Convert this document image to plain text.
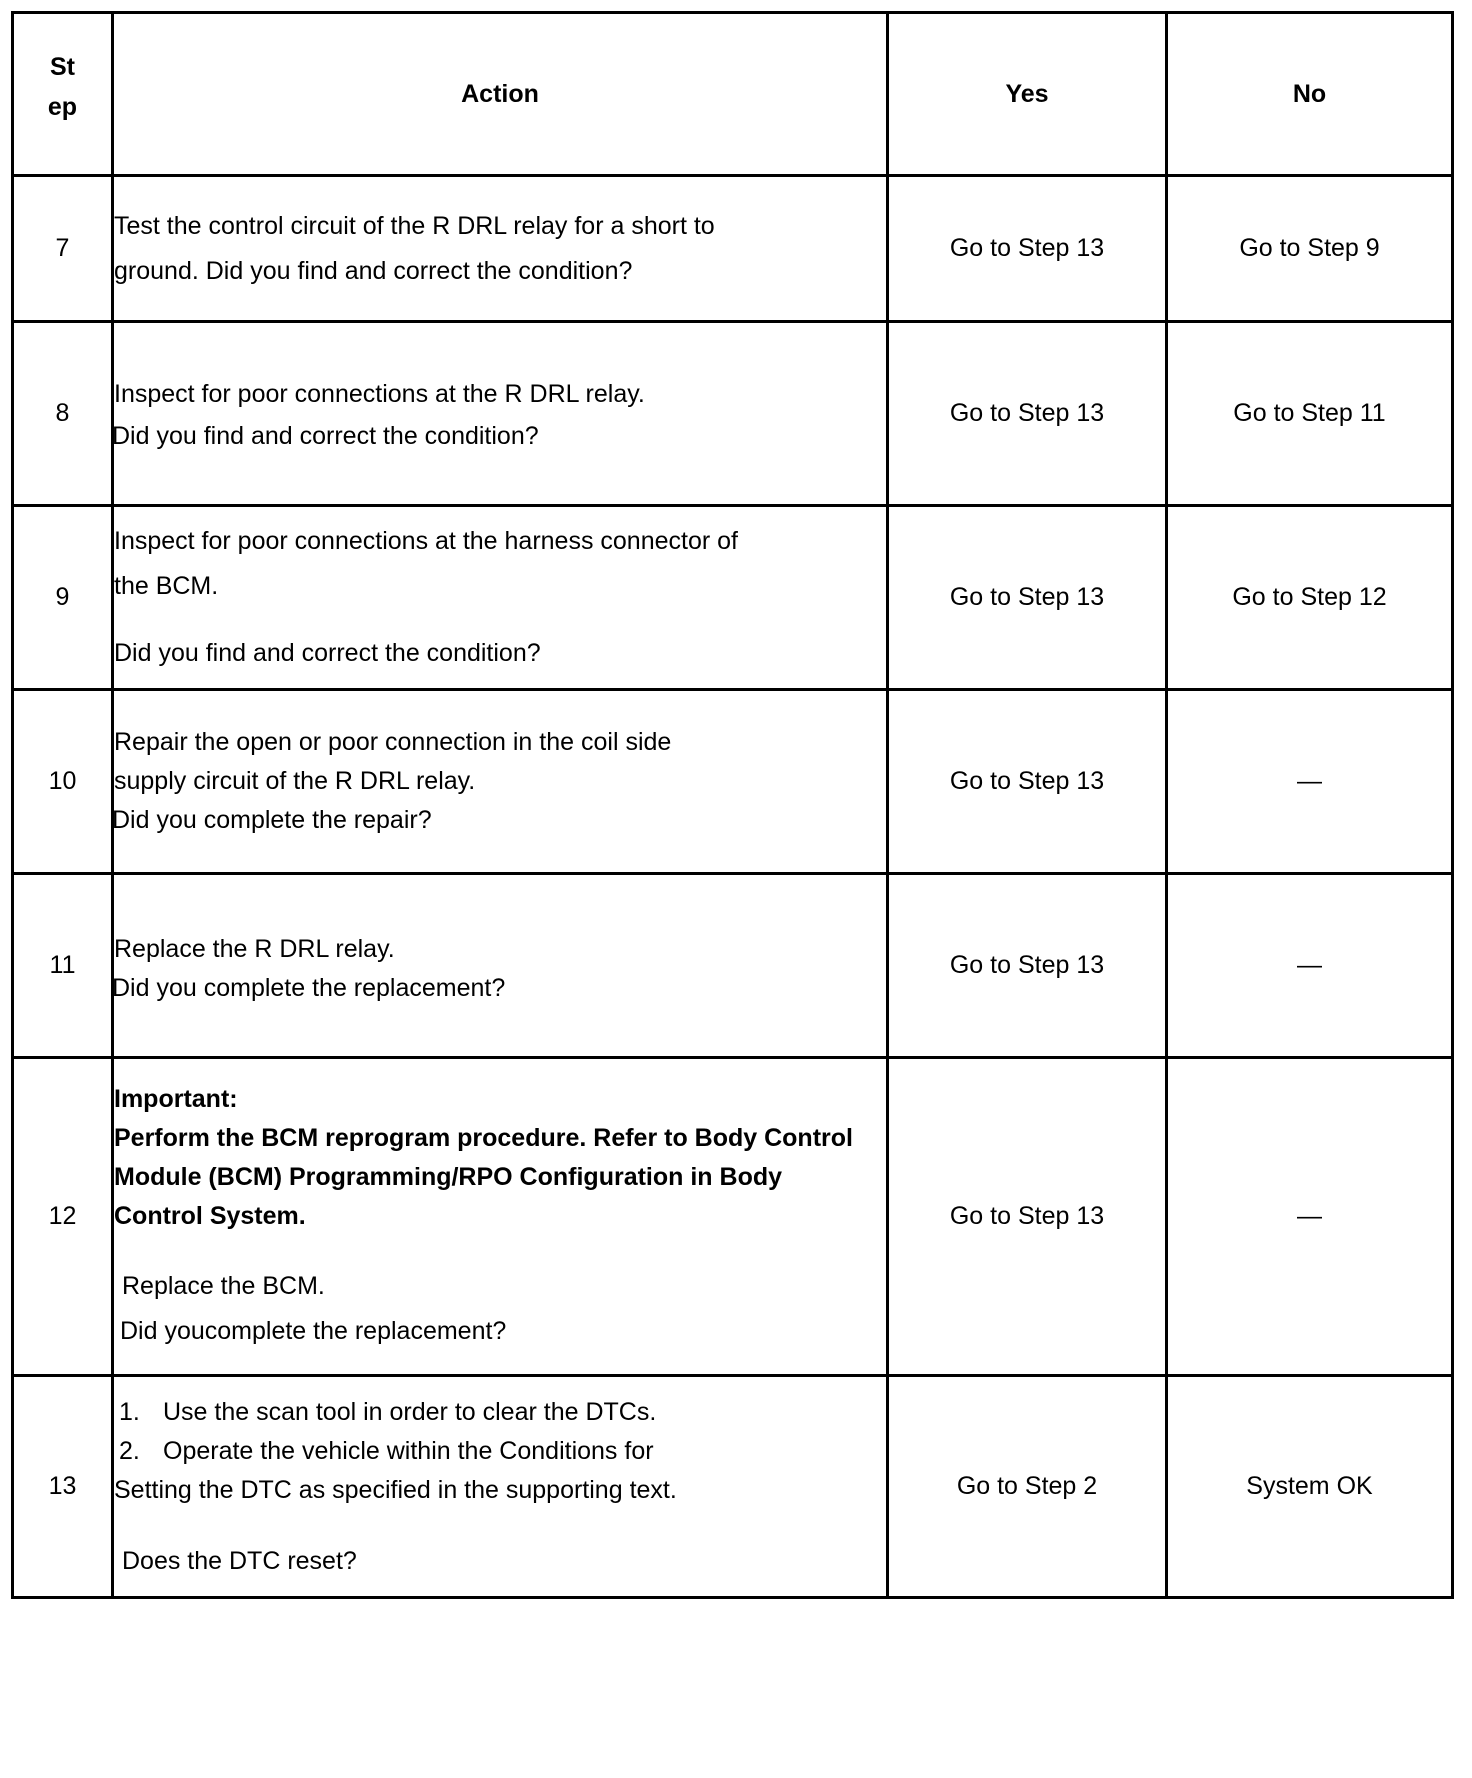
St
ep	Action	Yes	No
7	Test the control circuit of the R DRL relay for a short to
ground. Did you find and correct the condition?	Go to Step 13	Go to Step 9
8	Inspect for poor connections at the R DRL relay.
Did you find and correct the condition?	Go to Step 13	Go to Step 11
9	Inspect for poor connections at the harness connector of
the BCM.
Did you find and correct the condition?	Go to Step 13	Go to Step 12
10	Repair the open or poor connection in the coil side
supply circuit of the R DRL relay.
Did you complete the repair?	Go to Step 13	—
11	Replace the R DRL relay.
Did you complete the replacement?	Go to Step 13	—
12	Important:
Perform the BCM reprogram procedure. Refer to Body Control Module (BCM) Programming/RPO Configuration in Body Control System.
Replace the BCM.
Did youcomplete the replacement?	Go to Step 13	—
13	1. Use the scan tool in order to clear the DTCs.
2. Operate the vehicle within the Conditions for
Setting the DTC as specified in the supporting text.
Does the DTC reset?	Go to Step 2	System OK
